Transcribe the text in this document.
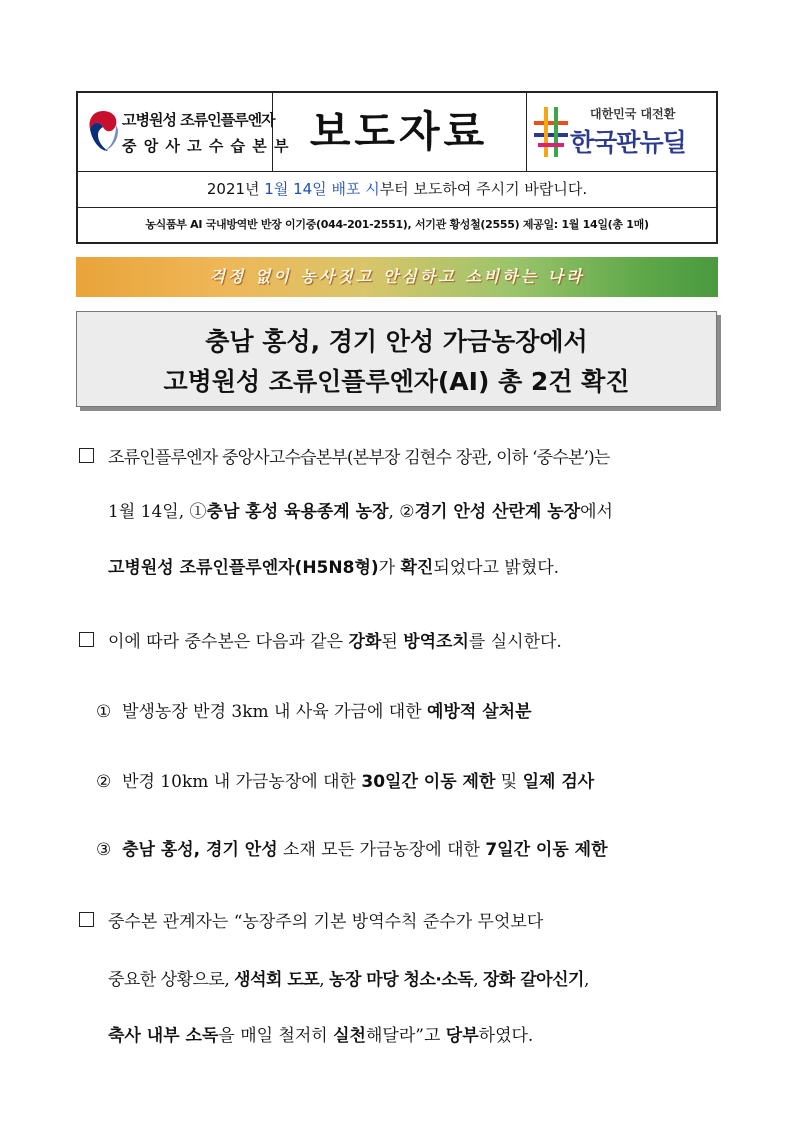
고병원성 조류인플루엔자
중 앙 사 고 수 습 본 부 보도자료	대한민국 대전환
한국판뉴딜
2021년 1월 14일 배포 시부터 보도하여 주시기 바랍니다.
농식품부 AI 국내방역반 반장 이기중(044-201-2551), 서기관 황성철(2555) 제공일: 1월 14일(총 1매)
걱정 없이 농사짓고 안심하고 소비하는 나라
충남 홍성, 경기 안성 가금농장에서
고병원성 조류인플루엔자(AI) 총 2건 확진
조류인플루엔자 중앙사고수습본부(본부장 김현수 장관, 이하 ‘중수본’)는
1월 14일, ①충남 홍성 육용종계 농장, ②경기 안성 산란계 농장에서
고병원성 조류인플루엔자(H5N8형)가 확진되었다고 밝혔다.
이에 따라 중수본은 다음과 같은 강화된 방역조치를 실시한다.
① 발생농장 반경 3km 내 사육 가금에 대한 예방적 살처분
② 반경 10km 내 가금농장에 대한 30일간 이동 제한 및 일제 검사
③ 충남 홍성, 경기 안성 소재 모든 가금농장에 대한 7일간 이동 제한
중수본 관계자는 “농장주의 기본 방역수칙 준수가 무엇보다
중요한 상황으로, 생석회 도포, 농장 마당 청소·소독, 장화 갈아신기,
축사 내부 소독을 매일 철저히 실천해달라”고 당부하였다.
